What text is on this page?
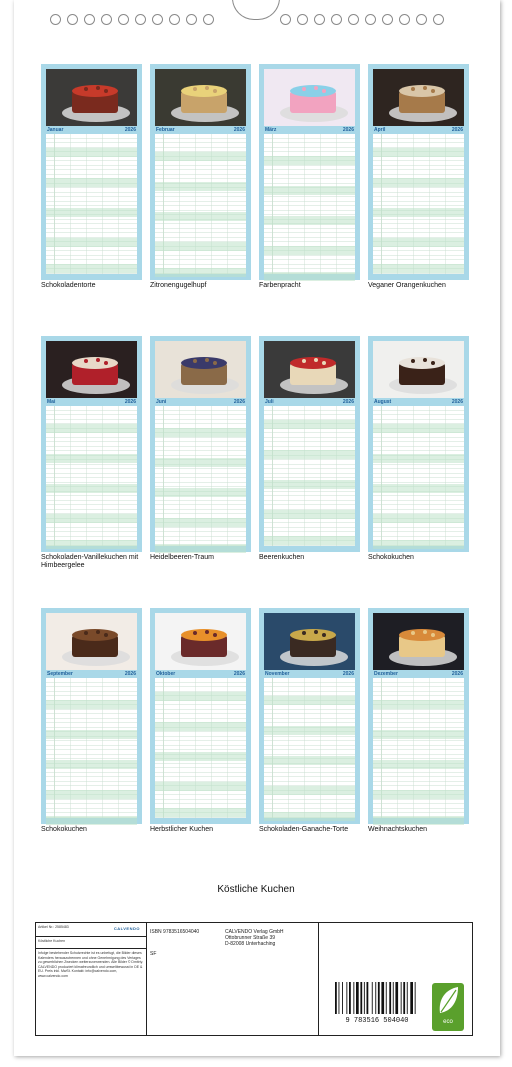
Januar	2026
Schokoladentorte
Februar	2026
Zitronengugelhupf
März	2026
Farbenpracht
April	2026
Veganer Orangenkuchen
Mai	2026
Schokoladen-Vanillekuchen mit Himbeergelee
Juni	2026
Heidelbeeren-Traum
Juli	2026
Beerenkuchen
August	2026
Schokokuchen
September	2026
Schokokuchen
Oktober	2026
Herbstlicher Kuchen
November	2026
Schokoladen-Ganache-Torte
Dezember	2026
Weihnachtskuchen
Köstliche Kuchen
Artikel Nr.: 2585483	CALVENDO
Köstliche Kuchen
Infolge bestehender Schutzrechte ist es unbefugt, die Bilder dieses Kalenders herauszutrennen und ohne Genehmigung des Verlages zu gewerblichen Zwecken weiterzuverwenden. Alle Bilder © Dmitriy. CALVENDO produziert klimafreundlich und umweltbewusst in DE & EU. Preis inkl. MwSt. Kontakt: info@calvendo.com, www.calvendo.com
ISBN 9783516504040
SF
CALVENDO Verlag GmbH
Ottobrunner Straße 39
D-82008 Unterhaching
9 783516 504040	eco
